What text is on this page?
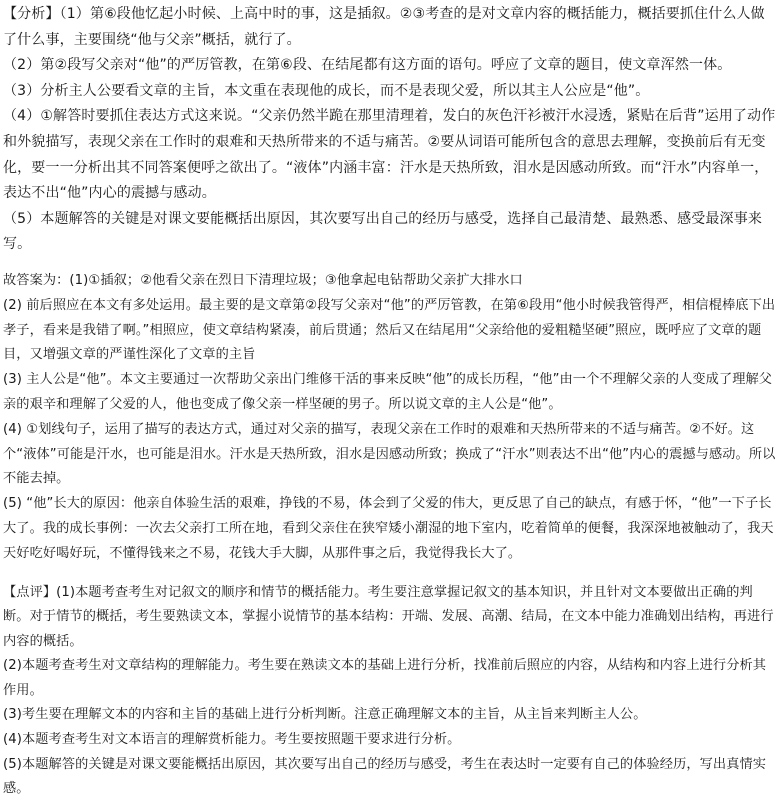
【分析】（1）第⑥段他忆起小时候、上高中时的事，这是插叙。②③考查的是对文章内容的概括能力，概括要抓住什么人做了什么事，主要围绕“他与父亲”概括，就行了。

（2）第②段写父亲对“他”的严厉管教，在第⑥段、在结尾都有这方面的语句。呼应了文章的题目，使文章浑然一体。

（3）分析主人公要看文章的主旨，本文重在表现他的成长，而不是表现父爱，所以其主人公应是“他”。

（4）①解答时要抓住表达方式这来说。“父亲仍然半跪在那里清理着，发白的灰色汗衫被汗水浸透，紧贴在后背”运用了动作和外貌描写，表现父亲在工作时的艰难和天热所带来的不适与痛苦。②要从词语可能所包含的意思去理解，变换前后有无变化，要一一分析出其不同答案便呼之欲出了。“液体”内涵丰富：汗水是天热所致，泪水是因感动所致。而“汗水”内容单一，表达不出“他”内心的震撼与感动。

（5）本题解答的关键是对课文要能概括出原因，其次要写出自己的经历与感受，选择自己最清楚、最熟悉、感受最深事来写。

故答案为：(1)①插叙；②他看父亲在烈日下清理垃圾；③他拿起电钻帮助父亲扩大排水口

(2) 前后照应在本文有多处运用。最主要的是文章第②段写父亲对“他”的严厉管教，在第⑥段用“他小时候我管得严，相信棍棒底下出孝子，看来是我错了啊。”相照应，使文章结构紧凑，前后贯通；然后又在结尾用“父亲给他的爱粗糙坚硬”照应，既呼应了文章的题目，又增强文章的严谨性深化了文章的主旨

(3) 主人公是“他”。本文主要通过一次帮助父亲出门维修干活的事来反映“他”的成长历程，“他”由一个不理解父亲的人变成了理解父亲的艰辛和理解了父爱的人，他也变成了像父亲一样坚硬的男子。所以说文章的主人公是“他”。

(4) ①划线句子，运用了描写的表达方式，通过对父亲的描写，表现父亲在工作时的艰难和天热所带来的不适与痛苦。②不好。这个“液体”可能是汗水，也可能是泪水。汗水是天热所致，泪水是因感动所致；换成了“汗水”则表达不出“他”内心的震撼与感动。所以不能去掉。

(5) “他”长大的原因：他亲自体验生活的艰难，挣钱的不易，体会到了父爱的伟大，更反思了自己的缺点，有感于怀，“他”一下子长大了。我的成长事例：一次去父亲打工所在地，看到父亲住在狭窄矮小潮湿的地下室内，吃着简单的便餐，我深深地被触动了，我天天好吃好喝好玩，不懂得钱来之不易，花钱大手大脚，从那件事之后，我觉得我长大了。

【点评】(1)本题考查考生对记叙文的顺序和情节的概括能力。考生要注意掌握记叙文的基本知识，并且针对文本要做出正确的判断。对于情节的概括，考生要熟读文本，掌握小说情节的基本结构：开端、发展、高潮、结局，在文本中能力准确划出结构，再进行内容的概括。

(2)本题考查考生对文章结构的理解能力。考生要在熟读文本的基础上进行分析，找准前后照应的内容，从结构和内容上进行分析其作用。

(3)考生要在理解文本的内容和主旨的基础上进行分析判断。注意正确理解文本的主旨，从主旨来判断主人公。

(4)本题考查考生对文本语言的理解赏析能力。考生要按照题干要求进行分析。

(5)本题解答的关键是对课文要能概括出原因，其次要写出自己的经历与感受，考生在表达时一定要有自己的体验经历，写出真情实感。
